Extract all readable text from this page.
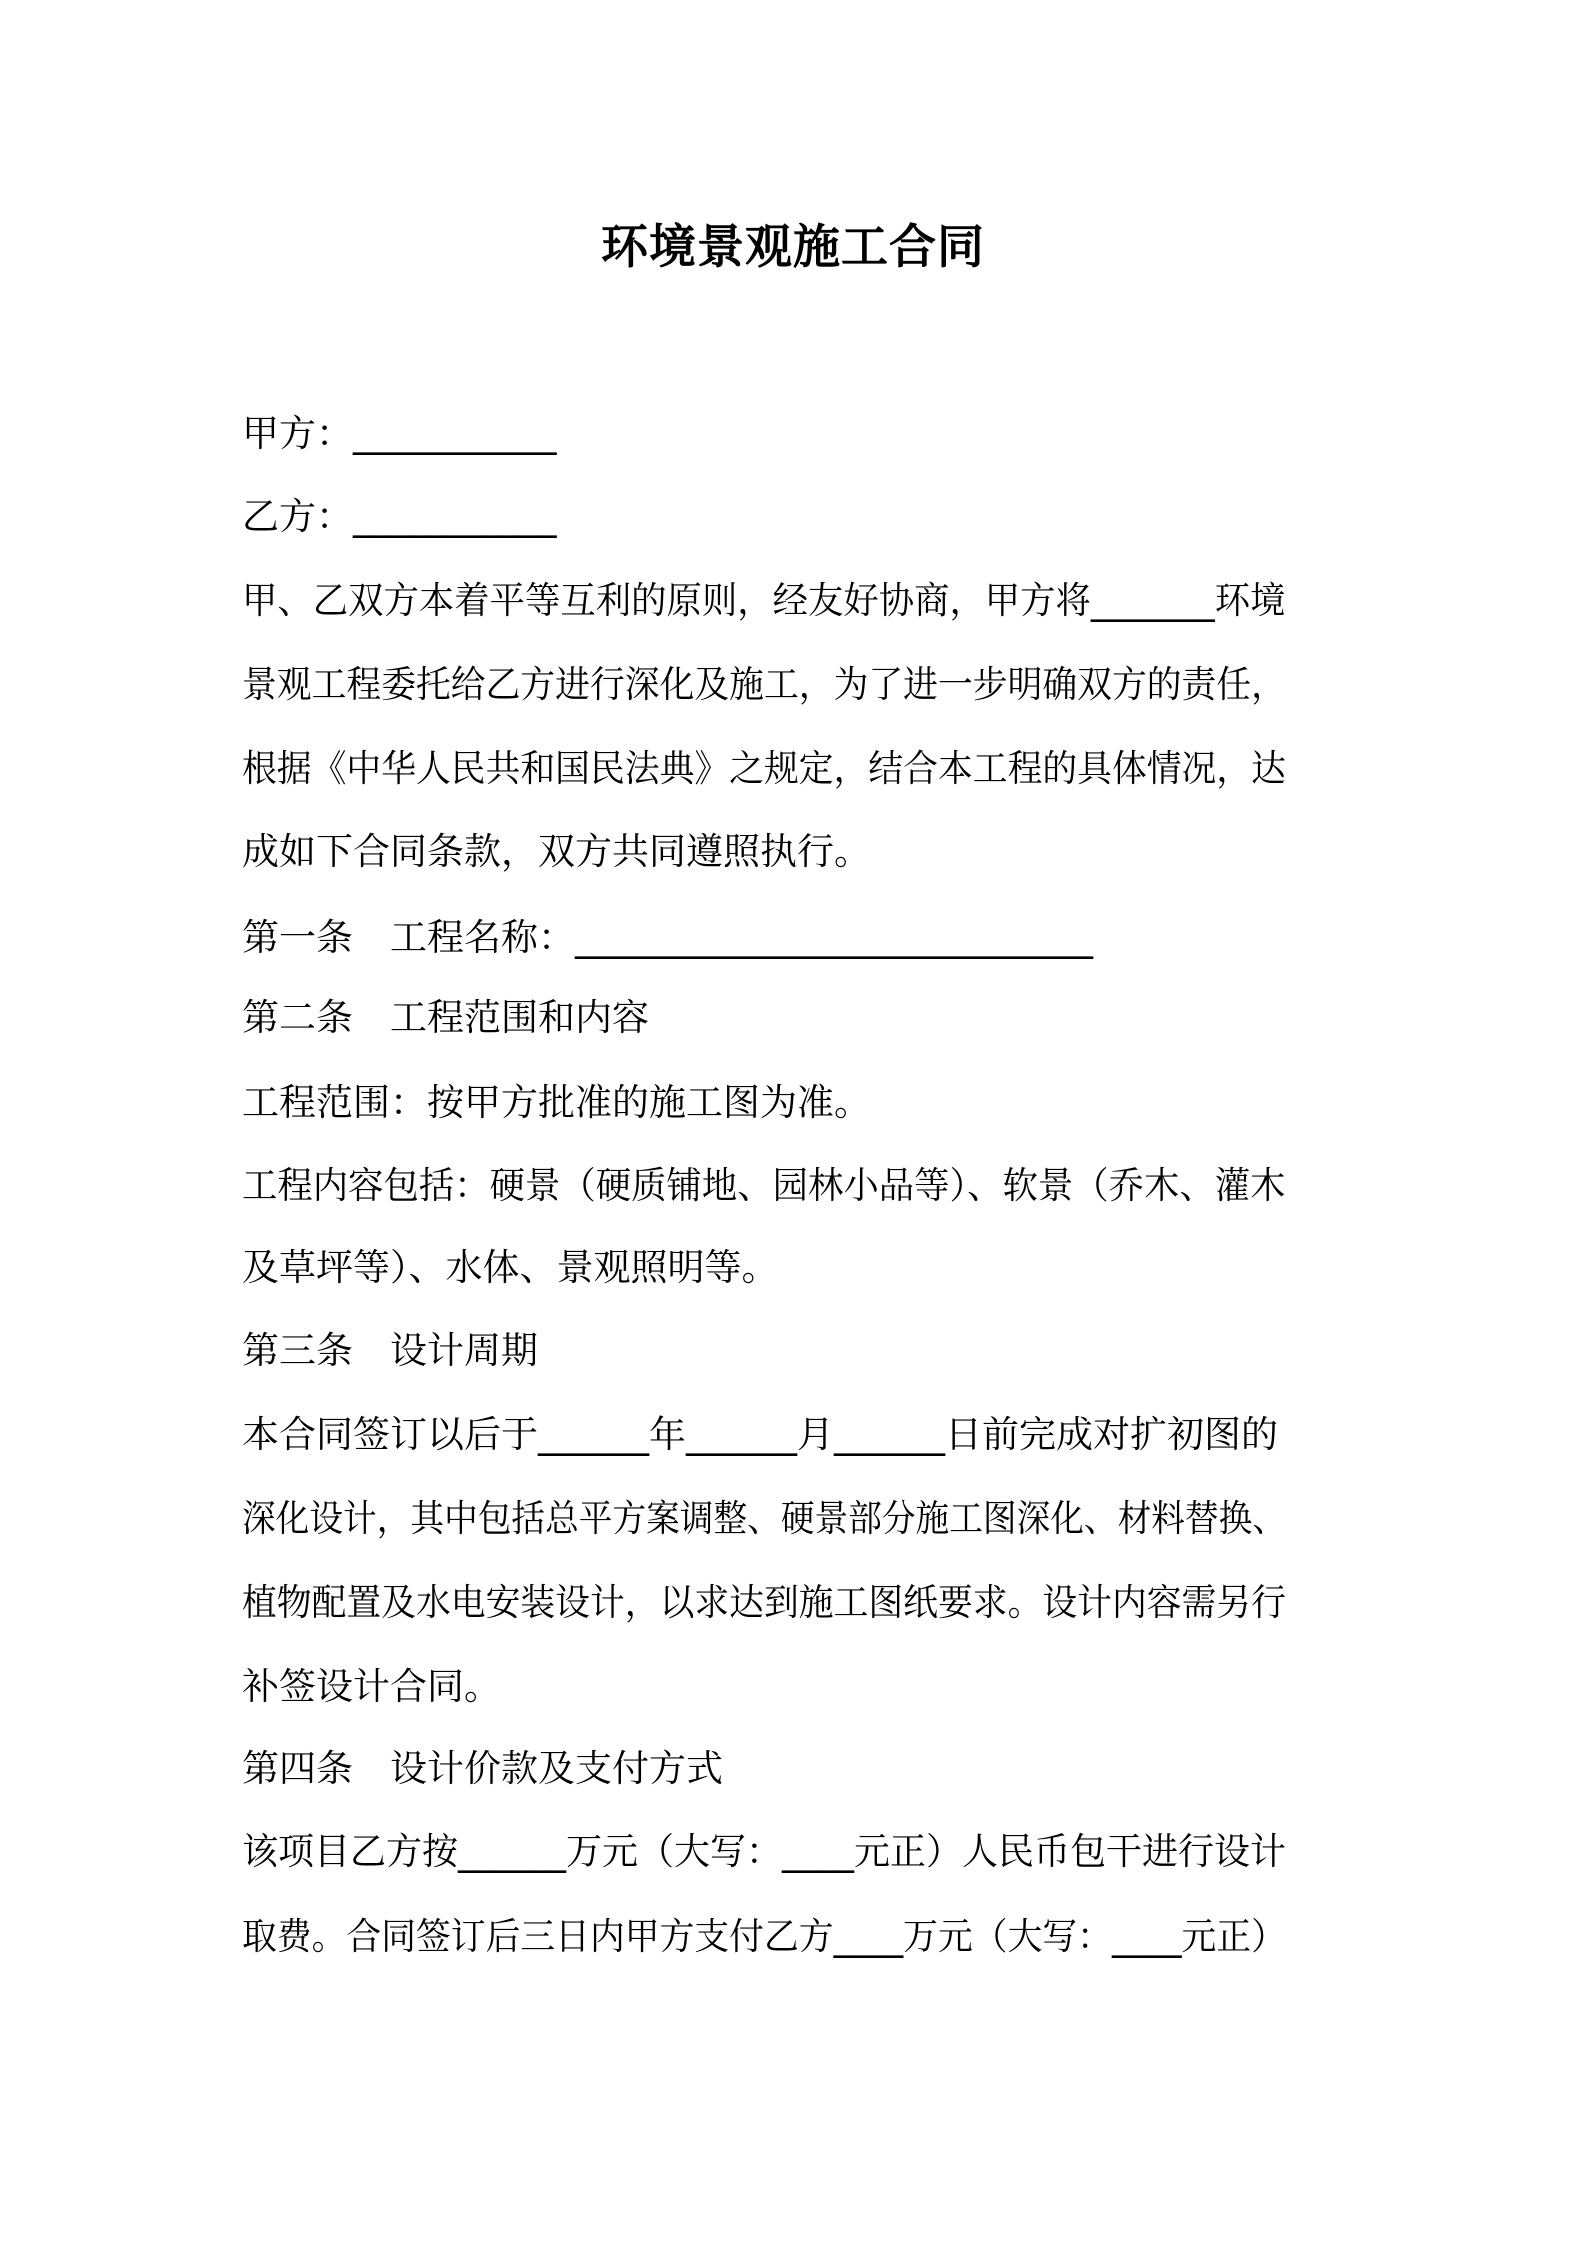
环境景观施工合同

甲方：___________

乙方：___________

甲、乙双方本着平等互利的原则，经友好协商，甲方将_______环境

景观工程委托给乙方进行深化及施工，为了进一步明确双方的责任，

根据《中华人民共和国民法典》之规定，结合本工程的具体情况，达

成如下合同条款，双方共同遵照执行。

第一条　工程名称：____________________________

第二条　工程范围和内容

工程范围：按甲方批准的施工图为准。

工程内容包括：硬景（硬质铺地、园林小品等）、软景（乔木、灌木

及草坪等）、水体、景观照明等。

第三条　设计周期

本合同签订以后于______年______月______日前完成对扩初图的

深化设计，其中包括总平方案调整、硬景部分施工图深化、材料替换、

植物配置及水电安装设计，以求达到施工图纸要求。设计内容需另行

补签设计合同。

第四条　设计价款及支付方式

该项目乙方按______万元（大写：____元正）人民币包干进行设计

取费。合同签订后三日内甲方支付乙方____万元（大写：____元正）
